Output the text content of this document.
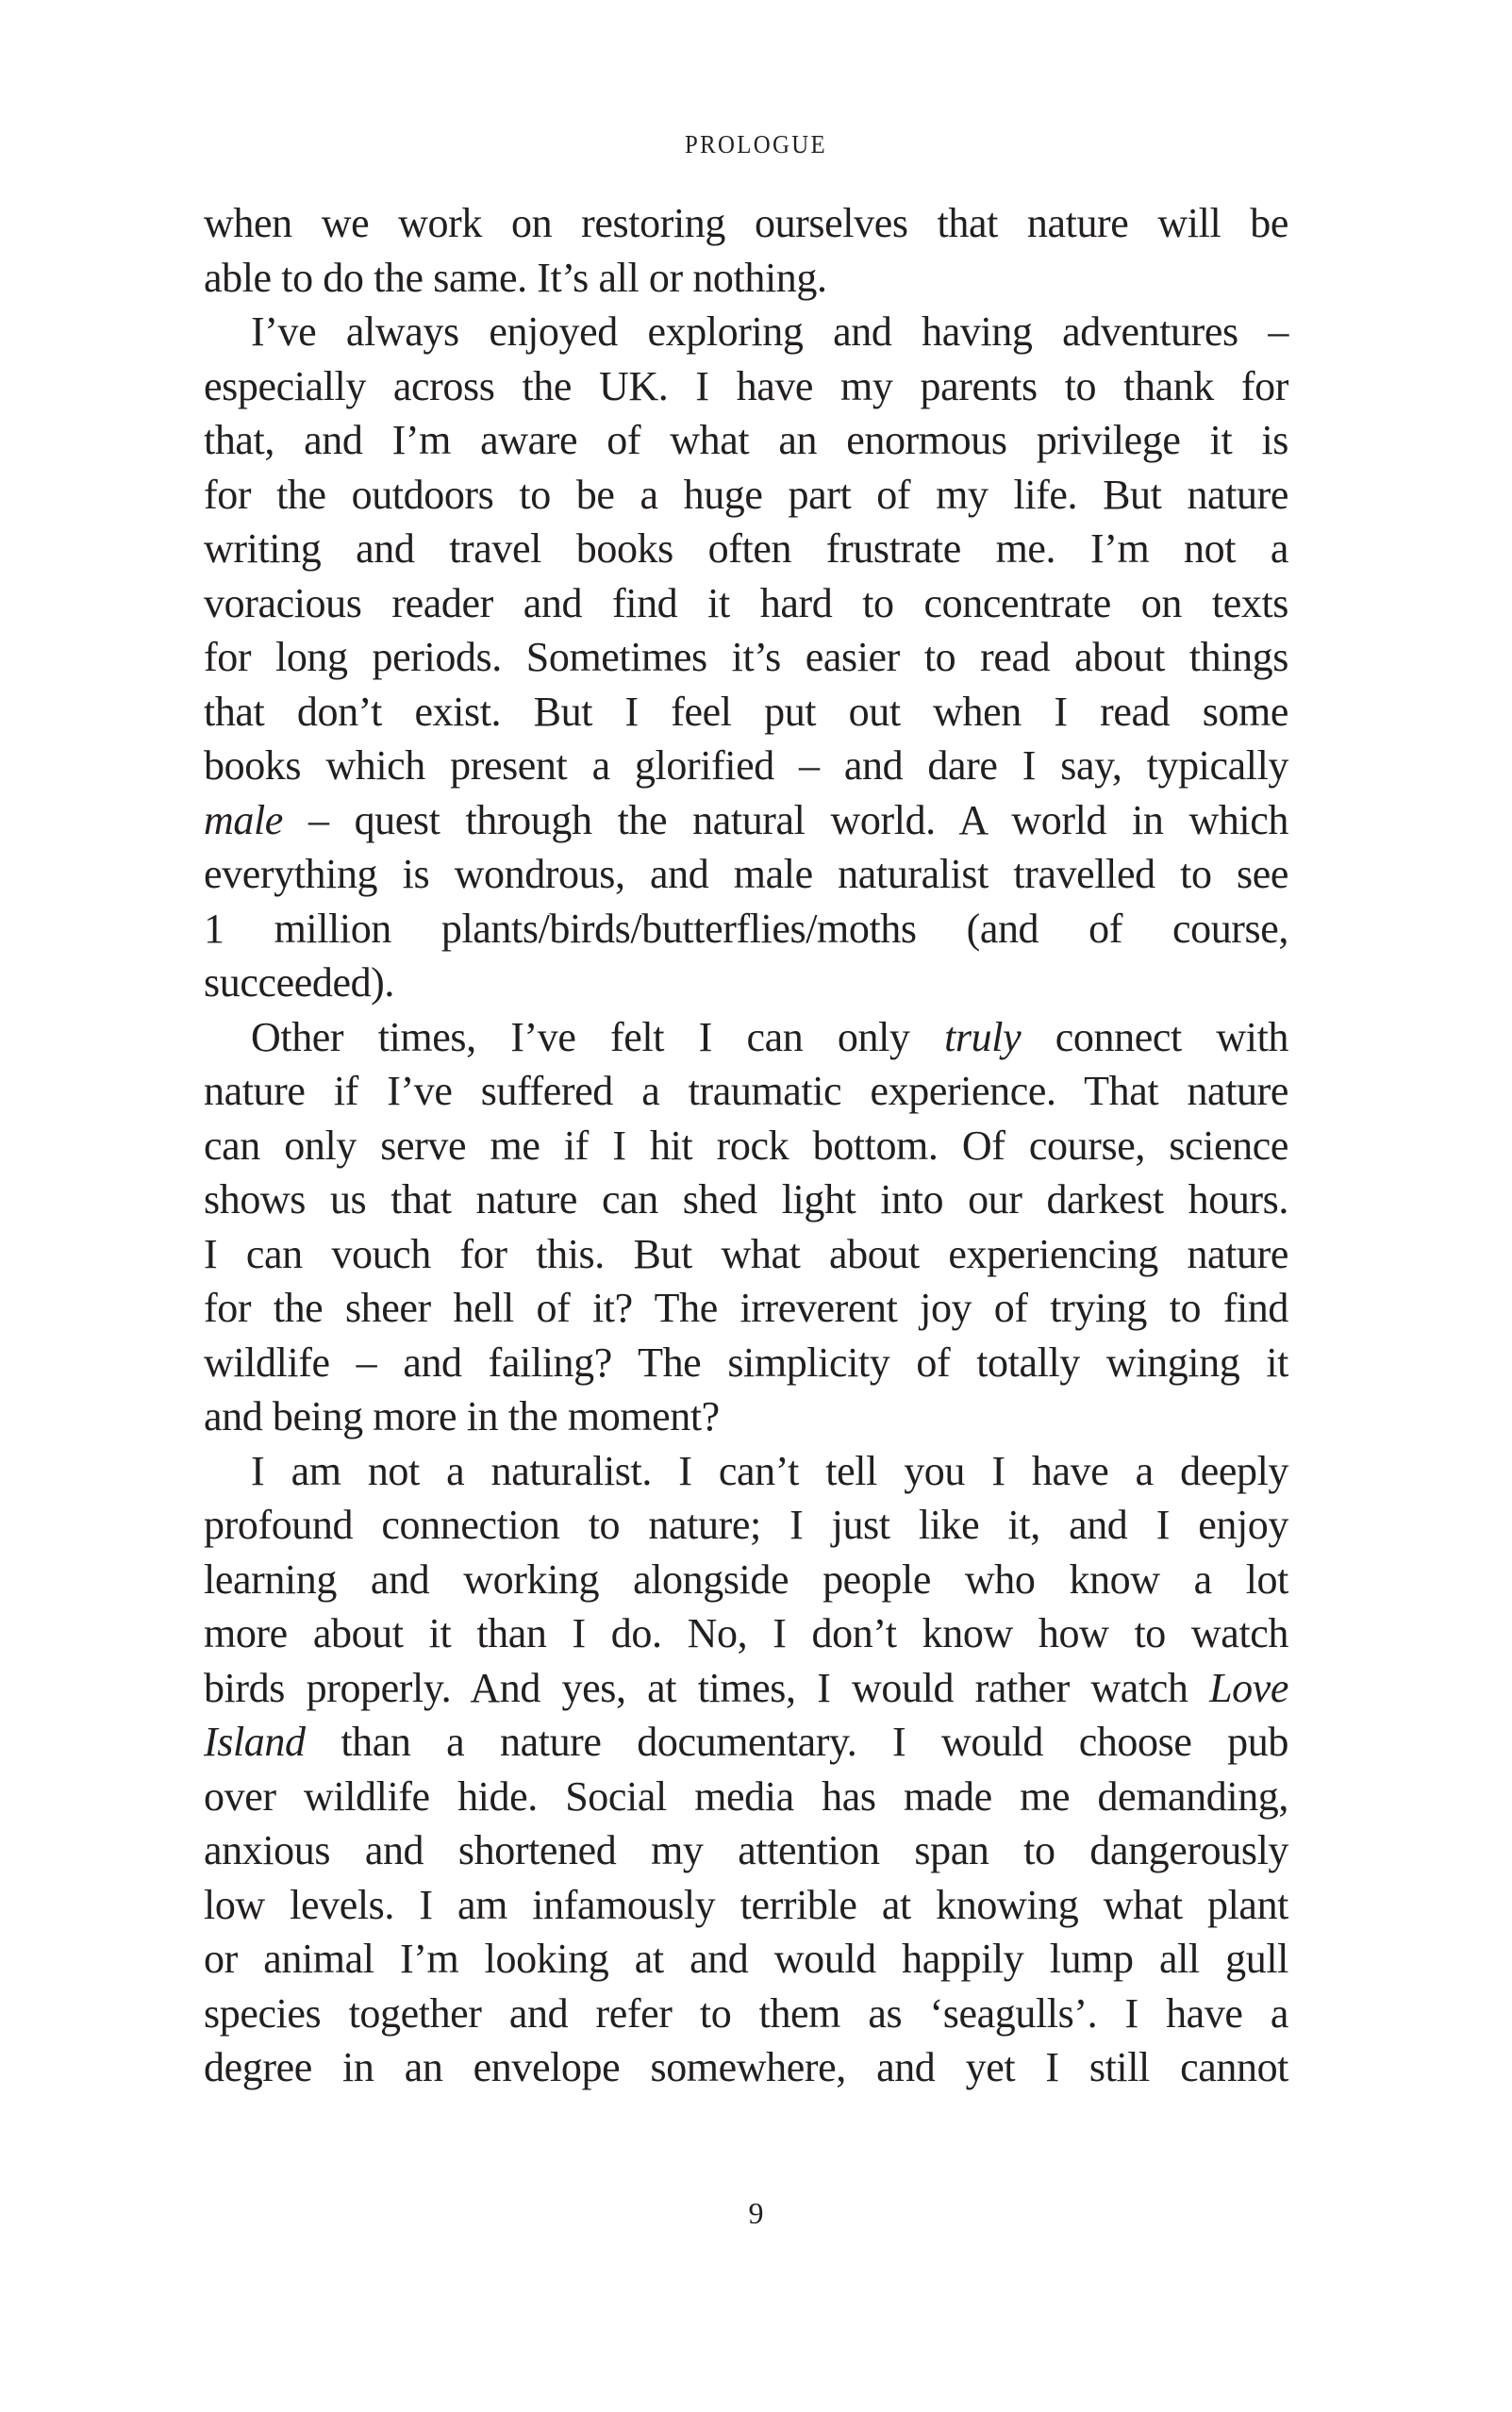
PROLOGUE
when we work on restoring ourselves that nature will be
able to do the same. It’s all or nothing.
I’ve always enjoyed exploring and having adventures –
especially across the UK. I have my parents to thank for
that, and I’m aware of what an enormous privilege it is
for the outdoors to be a huge part of my life. But nature
writing and travel books often frustrate me. I’m not a
voracious reader and find it hard to concentrate on texts
for long periods. Sometimes it’s easier to read about things
that don’t exist. But I feel put out when I read some
books which present a glorified – and dare I say, typically
male – quest through the natural world. A world in which
everything is wondrous, and male naturalist travelled to see
1 million plants/birds/butterflies/moths (and of course,
succeeded).
Other times, I’ve felt I can only truly connect with
nature if I’ve suffered a traumatic experience. That nature
can only serve me if I hit rock bottom. Of course, science
shows us that nature can shed light into our darkest hours.
I can vouch for this. But what about experiencing nature
for the sheer hell of it? The irreverent joy of trying to find
wildlife – and failing? The simplicity of totally winging it
and being more in the moment?
I am not a naturalist. I can’t tell you I have a deeply
profound connection to nature; I just like it, and I enjoy
learning and working alongside people who know a lot
more about it than I do. No, I don’t know how to watch
birds properly. And yes, at times, I would rather watch Love
Island than a nature documentary. I would choose pub
over wildlife hide. Social media has made me demanding,
anxious and shortened my attention span to dangerously
low levels. I am infamously terrible at knowing what plant
or animal I’m looking at and would happily lump all gull
species together and refer to them as ‘seagulls’. I have a
degree in an envelope somewhere, and yet I still cannot
9
